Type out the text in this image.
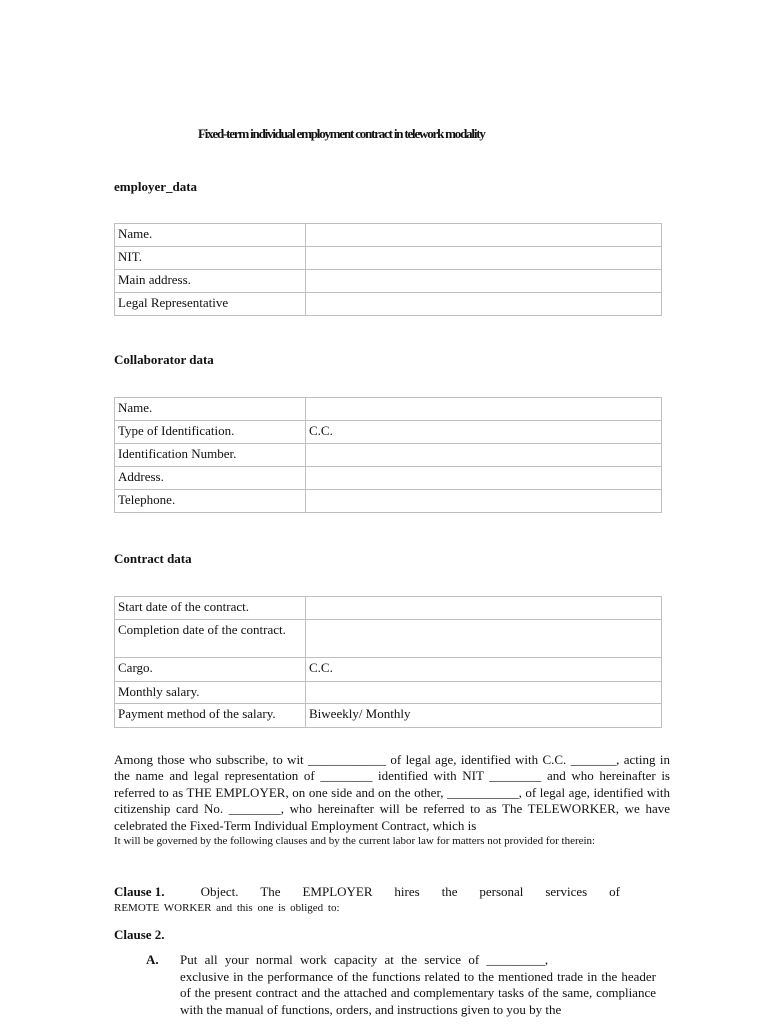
Fixed-term individual employment contract in telework modality
employer_data
Name.	
NIT.	
Main address.	
Legal Representative	
Collaborator data
Name.	
Type of Identification.	C.C.
Identification Number.	
Address.	
Telephone.	
Contract data
Start date of the contract.	
Completion date of the contract.	
Cargo.	C.C.
Monthly salary.	
Payment method of the salary.	Biweekly/ Monthly
Among those who subscribe, to wit ____________ of legal age, identified with C.C. _______, acting in the name and legal representation of ________ identified with NIT ________ and who hereinafter is referred to as THE EMPLOYER, on one side and on the other, ___________, of legal age, identified with citizenship card No. ________, who hereinafter will be referred to as The TELEWORKER, we have celebrated the Fixed-Term Individual Employment Contract, which is
It will be governed by the following clauses and by the current labor law for matters not provided for therein:
Clause 1.	Object. The EMPLOYER hires the personal services of
REMOTE WORKER and this one is obliged to:
Clause 2.
A. Put all your normal work capacity at the service of _________,
exclusive in the performance of the functions related to the mentioned trade in the header of the present contract and the attached and complementary tasks of the same, compliance with the manual of functions, orders, and instructions given to you by the
